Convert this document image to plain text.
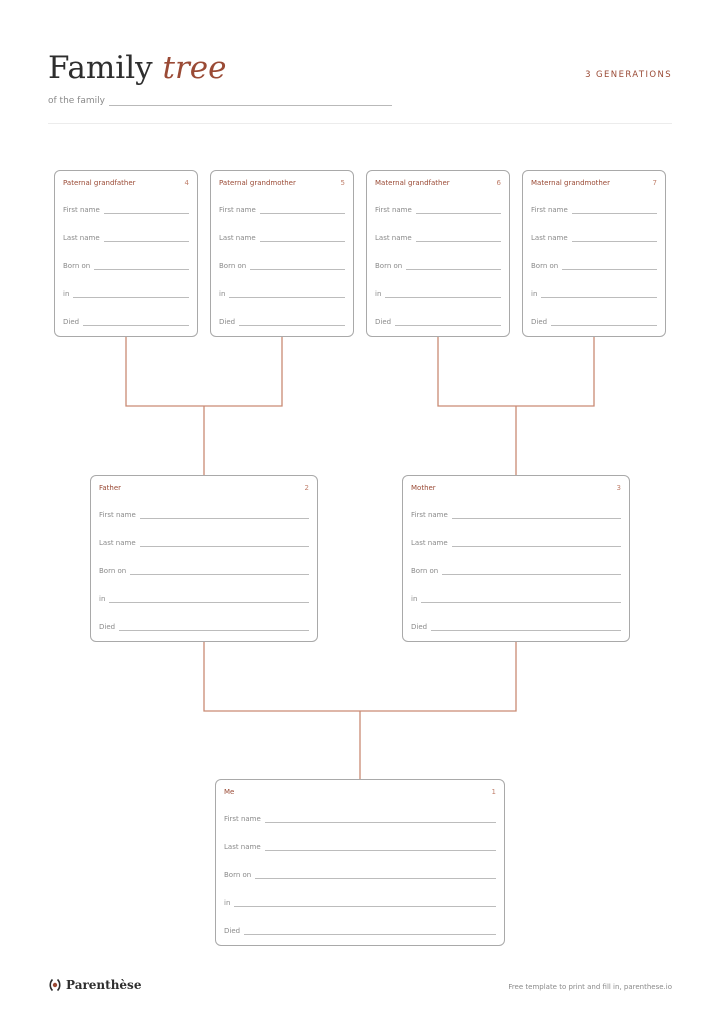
Family tree	3 GENERATIONS
of the family
Paternal grandfather	4
First name
Last name
Born on
in
Died
Paternal grandmother	5
First name
Last name
Born on
in
Died
Maternal grandfather	6
First name
Last name
Born on
in
Died
Maternal grandmother	7
First name
Last name
Born on
in
Died
Father	2
First name
Last name
Born on
in
Died
Mother	3
First name
Last name
Born on
in
Died
Me	1
First name
Last name
Born on
in
Died
Parenthèse	Free template to print and fill in, parenthese.io
